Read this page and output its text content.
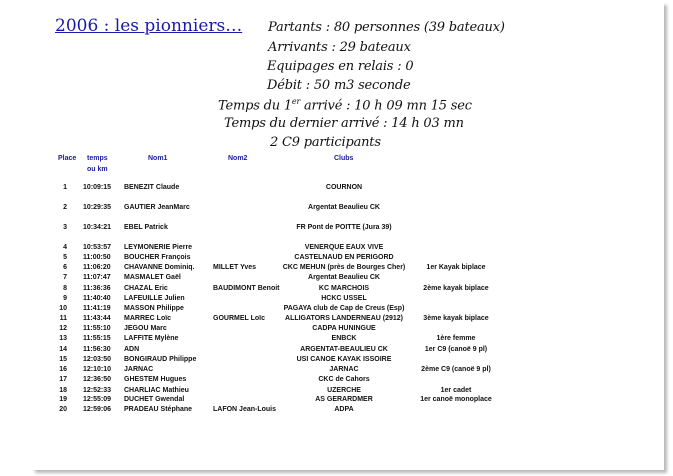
2006 : les pionniers… Partants : 80 personnes (39 bateaux)
Arrivants : 29 bateaux
Equipages en relais : 0
Débit : 50 m3 seconde
Temps du 1er arrivé : 10 h 09 mn 15 sec
Temps du dernier arrivé : 14 h 03 mn
2 C9 participants
Place temps
ou km
Nom1	Nom2	Clubs
1 10:09:15 BENEZIT Claude	COURNON
2 10:29:35 GAUTIER JeanMarc	Argentat Beaulieu CK
3 10:34:21 EBEL Patrick	FR Pont de POITTE (Jura 39)
4 10:53:57 LEYMONERIE Pierre	VENERQUE EAUX VIVE
5 11:00:50 BOUCHER François	CASTELNAUD EN PERIGORD
6 11:06:20 CHAVANNE Dominiq.	MILLET Yves	CKC MEHUN (près de Bourges Cher)	1er Kayak biplace
7 11:07:47 MASMALET Gaël	Argentat Beaulieu CK
8 11:36:36 CHAZAL Eric	BAUDIMONT Benoit	KC MARCHOIS	2ème kayak biplace
9 11:40:40 LAFEUILLE Julien	HCKC USSEL
10 11:41:19 MASSON Philippe	PAGAYA club de Cap de Creus (Esp)
11 11:43:44 MARREC Loïc	GOURMEL Loïc	ALLIGATORS LANDERNEAU (2912)	3ème kayak biplace
12 11:55:10 JEGOU Marc	CADPA HUNINGUE
13 11:55:15 LAFFITE Mylène	ENBCK	1ère femme
14 11:56:30 ADN	ARGENTAT-BEAULIEU CK	1er C9 (canoë 9 pl)
15 12:03:50 BONGIRAUD Philippe	USI CANOE KAYAK ISSOIRE
16 12:10:10 JARNAC	JARNAC	2ème C9 (canoë 9 pl)
17 12:36:50 GHESTEM Hugues	CKC de Cahors
18 12:52:33 CHARLIAC Mathieu	UZERCHE	1er cadet
19 12:55:09 DUCHET Gwendal	AS GERARDMER	1er canoë monoplace
20 12:59:06 PRADEAU Stéphane	LAFON Jean-Louis	ADPA
